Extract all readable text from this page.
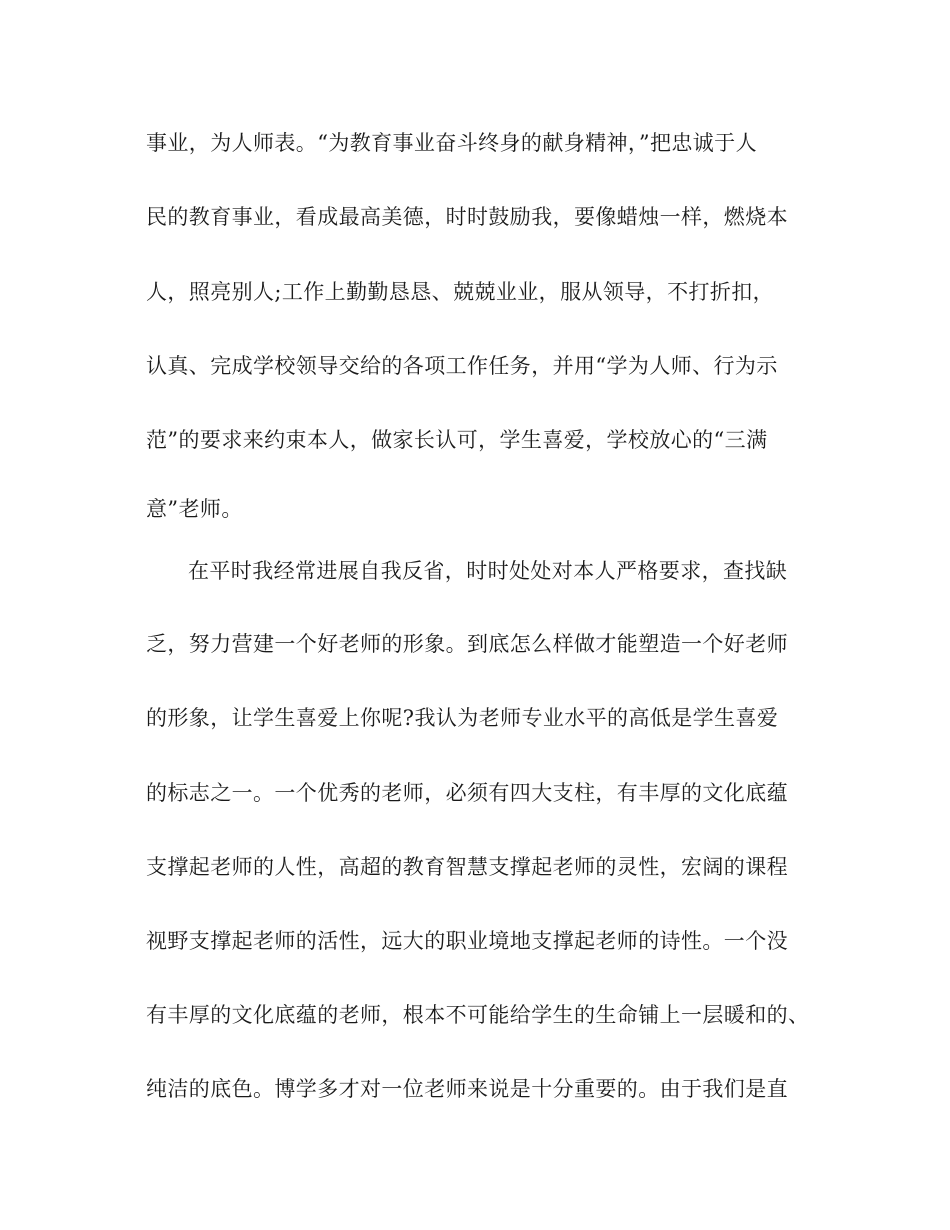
事业，为人师表。“为教育事业奋斗终身的献身精神，”把忠诚于人
民的教育事业，看成最高美德，时时鼓励我，要像蜡烛一样，燃烧本
人，照亮别人;工作上勤勤恳恳、兢兢业业，服从领导，不打折扣，
认真、完成学校领导交给的各项工作任务，并用“学为人师、行为示
范”的要求来约束本人，做家长认可，学生喜爱，学校放心的“三满
意”老师。
在平时我经常进展自我反省，时时处处对本人严格要求，查找缺
乏，努力营建一个好老师的形象。到底怎么样做才能塑造一个好老师
的形象，让学生喜爱上你呢?我认为老师专业水平的高低是学生喜爱
的标志之一。一个优秀的老师，必须有四大支柱，有丰厚的文化底蕴
支撑起老师的人性，高超的教育智慧支撑起老师的灵性，宏阔的课程
视野支撑起老师的活性，远大的职业境地支撑起老师的诗性。一个没
有丰厚的文化底蕴的老师，根本不可能给学生的生命铺上一层暖和的、
纯洁的底色。博学多才对一位老师来说是十分重要的。由于我们是直
